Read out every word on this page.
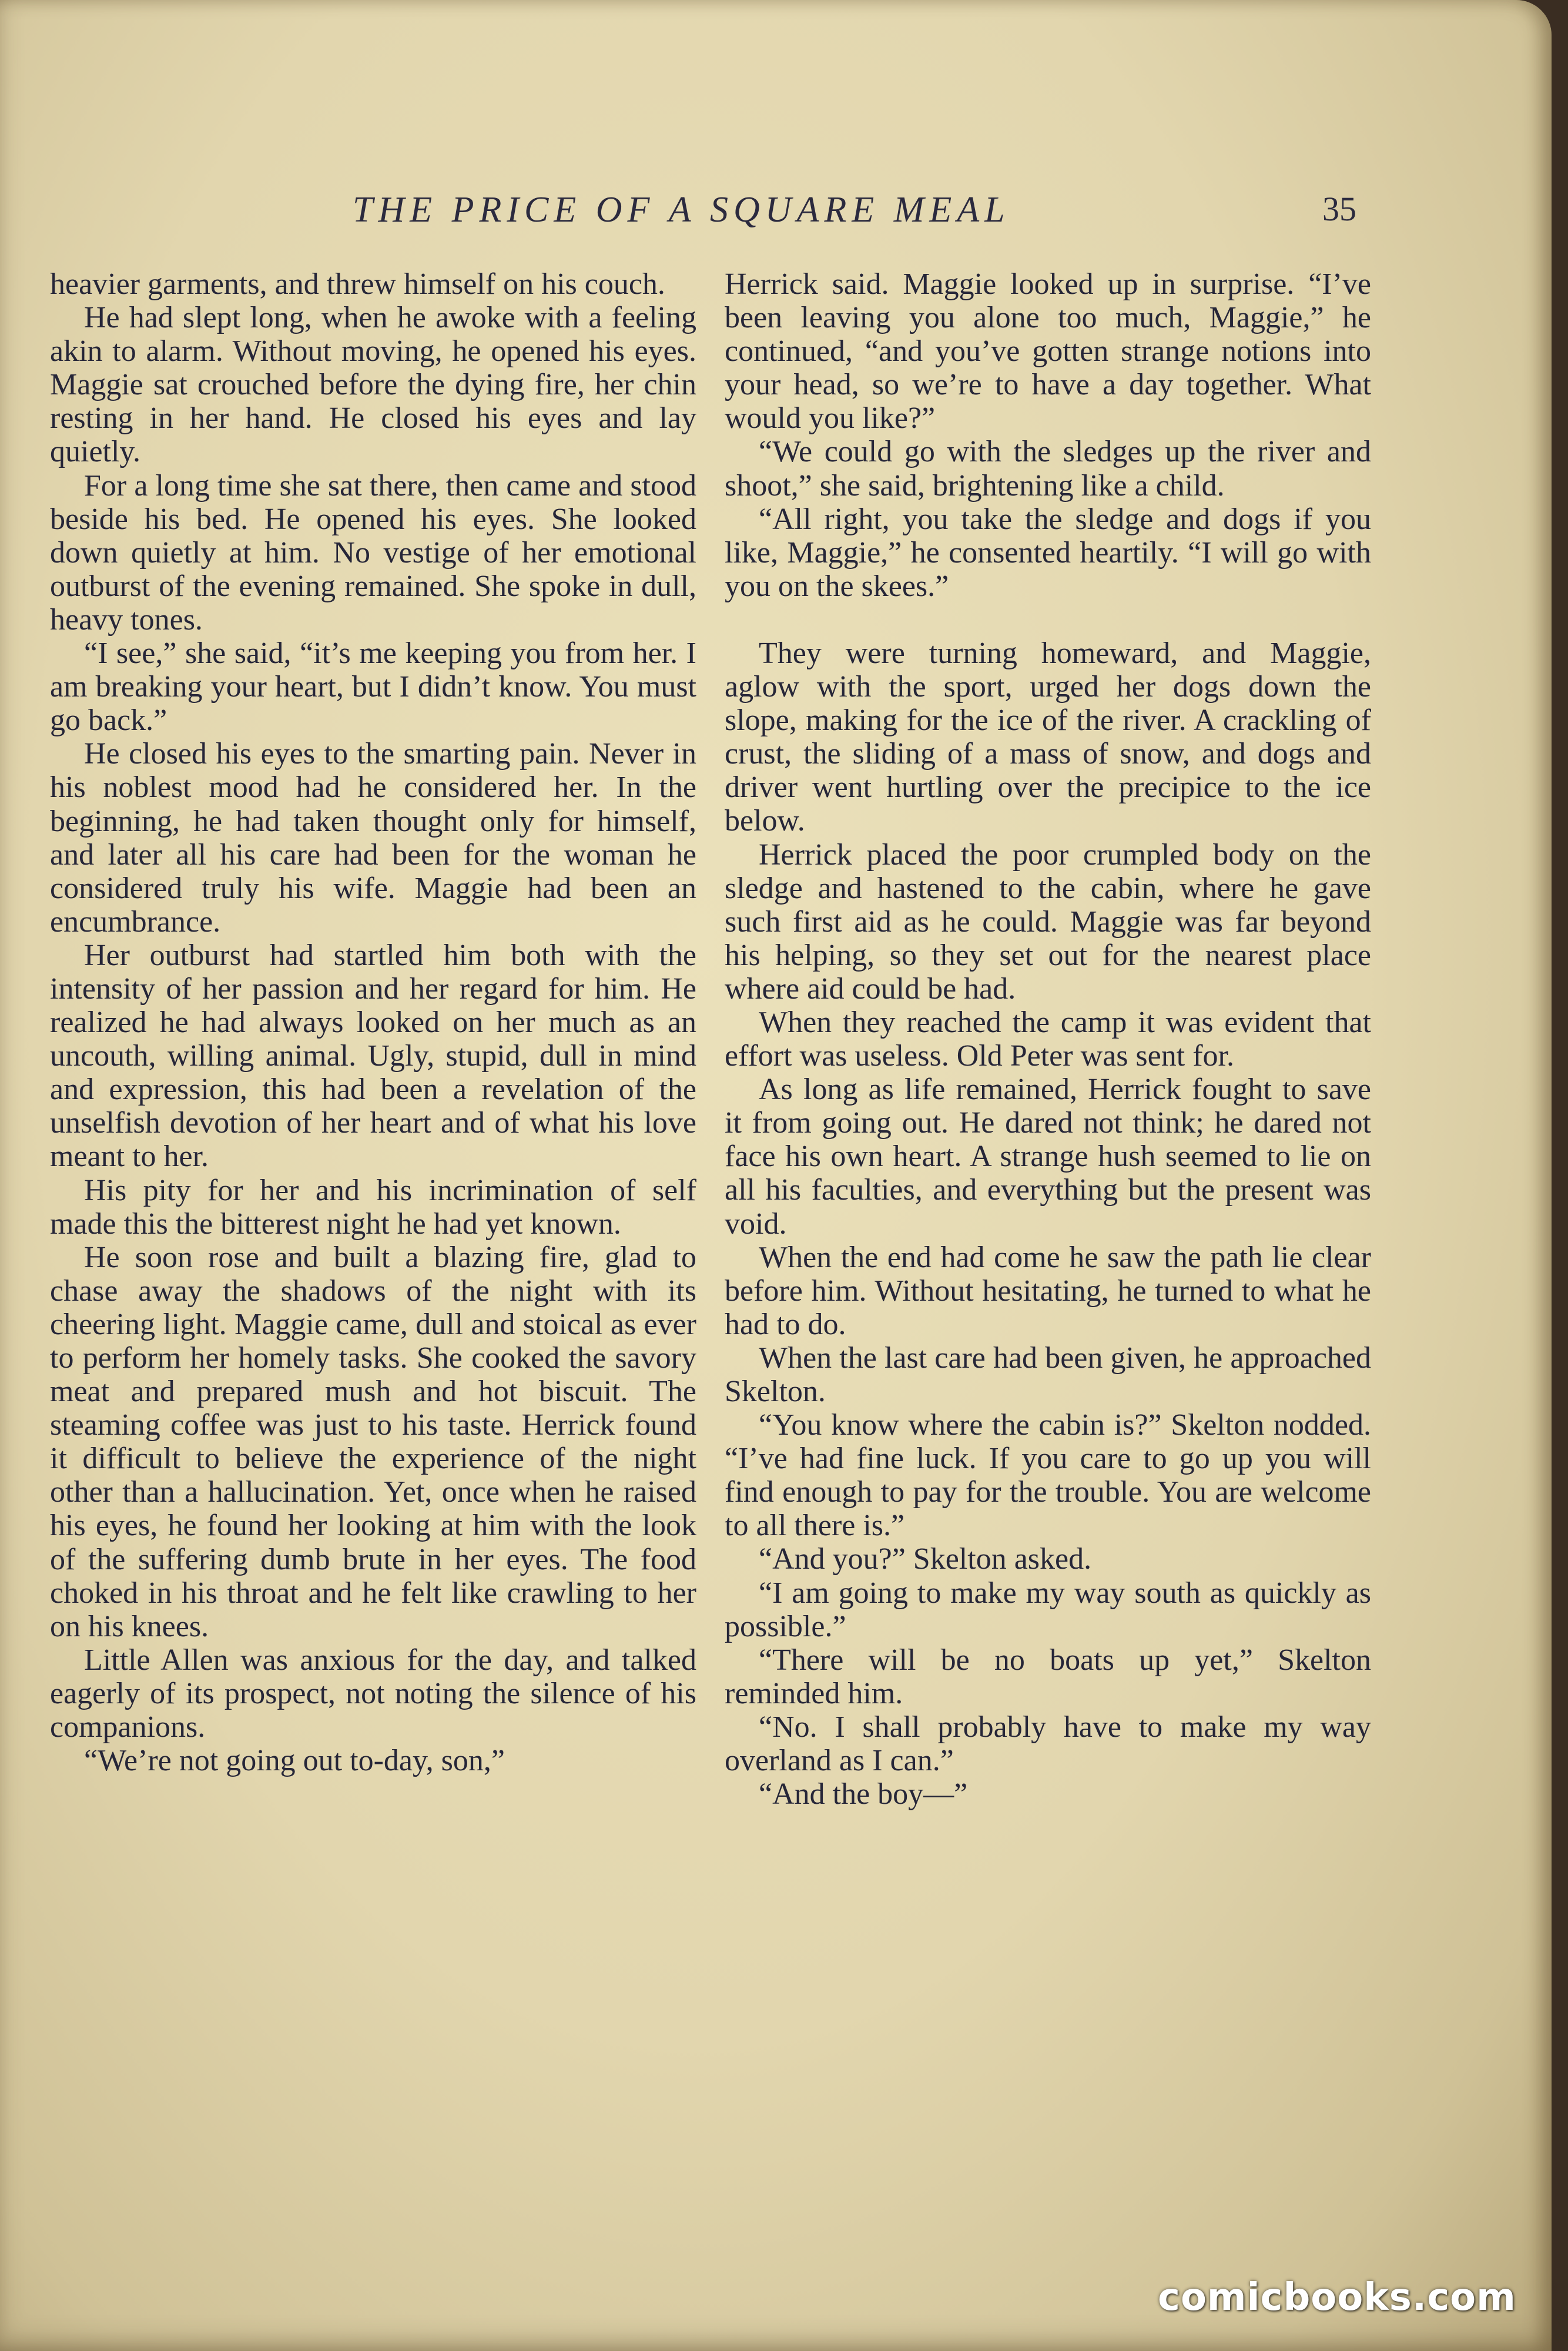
THE PRICE OF A SQUARE MEAL	35

heavier garments, and threw himself on his couch.

He had slept long, when he awoke with a feeling akin to alarm. Without moving, he opened his eyes. Maggie sat crouched before the dying fire, her chin resting in her hand. He closed his eyes and lay quietly.

For a long time she sat there, then came and stood beside his bed. He opened his eyes. She looked down quietly at him. No vestige of her emotional outburst of the evening remained. She spoke in dull, heavy tones.

“I see,” she said, “it’s me keeping you from her. I am breaking your heart, but I didn’t know. You must go back.”

He closed his eyes to the smarting pain. Never in his noblest mood had he considered her. In the beginning, he had taken thought only for himself, and later all his care had been for the woman he considered truly his wife. Maggie had been an encumbrance.

Her outburst had startled him both with the intensity of her passion and her regard for him. He realized he had always looked on her much as an uncouth, willing animal. Ugly, stupid, dull in mind and expression, this had been a revelation of the unselfish devotion of her heart and of what his love meant to her.

His pity for her and his incrimination of self made this the bitterest night he had yet known.

He soon rose and built a blazing fire, glad to chase away the shadows of the night with its cheering light. Maggie came, dull and stoical as ever to perform her homely tasks. She cooked the savory meat and prepared mush and hot biscuit. The steaming coffee was just to his taste. Herrick found it difficult to believe the experience of the night other than a hallucination. Yet, once when he raised his eyes, he found her looking at him with the look of the suffering dumb brute in her eyes. The food choked in his throat and he felt like crawling to her on his knees.

Little Allen was anxious for the day, and talked eagerly of its prospect, not noting the silence of his companions.

“We’re not going out to-day, son,”

Herrick said. Maggie looked up in surprise. “I’ve been leaving you alone too much, Maggie,” he continued, “and you’ve gotten strange notions into your head, so we’re to have a day together. What would you like?”

“We could go with the sledges up the river and shoot,” she said, brightening like a child.

“All right, you take the sledge and dogs if you like, Maggie,” he consented heartily. “I will go with you on the skees.”

They were turning homeward, and Maggie, aglow with the sport, urged her dogs down the slope, making for the ice of the river. A crackling of crust, the sliding of a mass of snow, and dogs and driver went hurtling over the precipice to the ice below.

Herrick placed the poor crumpled body on the sledge and hastened to the cabin, where he gave such first aid as he could. Maggie was far beyond his helping, so they set out for the nearest place where aid could be had.

When they reached the camp it was evident that effort was useless. Old Peter was sent for.

As long as life remained, Herrick fought to save it from going out. He dared not think; he dared not face his own heart. A strange hush seemed to lie on all his faculties, and everything but the present was void.

When the end had come he saw the path lie clear before him. Without hesitating, he turned to what he had to do.

When the last care had been given, he approached Skelton.

“You know where the cabin is?” Skelton nodded. “I’ve had fine luck. If you care to go up you will find enough to pay for the trouble. You are welcome to all there is.”

“And you?” Skelton asked.

“I am going to make my way south as quickly as possible.”

“There will be no boats up yet,” Skelton reminded him.

“No. I shall probably have to make my way overland as I can.”

“And the boy—”

comicbooks.com
